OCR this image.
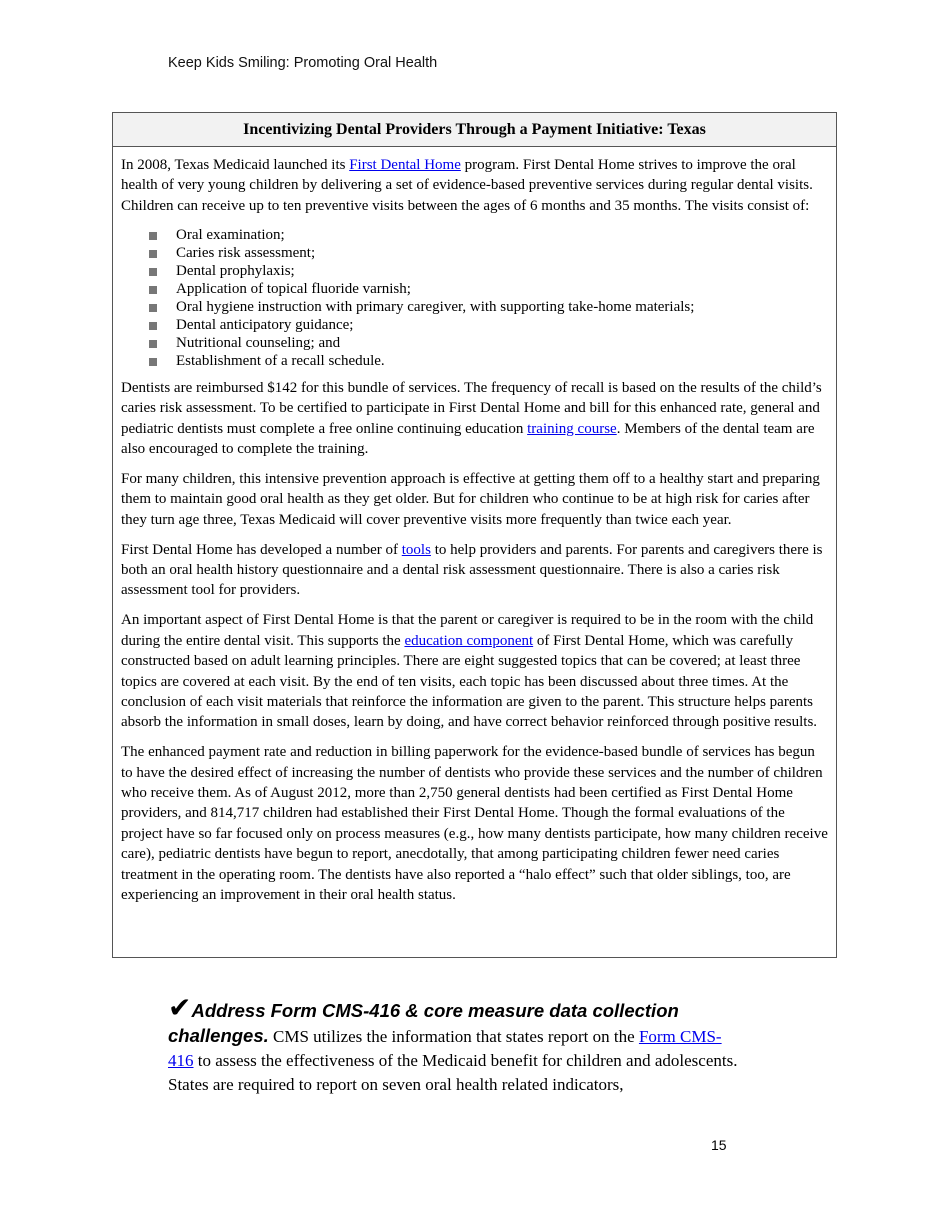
Keep Kids Smiling: Promoting Oral Health
Incentivizing Dental Providers Through a Payment Initiative: Texas

In 2008, Texas Medicaid launched its First Dental Home program. First Dental Home strives to improve the oral health of very young children by delivering a set of evidence-based preventive services during regular dental visits. Children can receive up to ten preventive visits between the ages of 6 months and 35 months. The visits consist of:

Oral examination;
Caries risk assessment;
Dental prophylaxis;
Application of topical fluoride varnish;
Oral hygiene instruction with primary caregiver, with supporting take-home materials;
Dental anticipatory guidance;
Nutritional counseling; and
Establishment of a recall schedule.

Dentists are reimbursed $142 for this bundle of services. The frequency of recall is based on the results of the child’s caries risk assessment. To be certified to participate in First Dental Home and bill for this enhanced rate, general and pediatric dentists must complete a free online continuing education training course. Members of the dental team are also encouraged to complete the training.

For many children, this intensive prevention approach is effective at getting them off to a healthy start and preparing them to maintain good oral health as they get older. But for children who continue to be at high risk for caries after they turn age three, Texas Medicaid will cover preventive visits more frequently than twice each year.

First Dental Home has developed a number of tools to help providers and parents. For parents and caregivers there is both an oral health history questionnaire and a dental risk assessment questionnaire. There is also a caries risk assessment tool for providers.

An important aspect of First Dental Home is that the parent or caregiver is required to be in the room with the child during the entire dental visit. This supports the education component of First Dental Home, which was carefully constructed based on adult learning principles. There are eight suggested topics that can be covered; at least three topics are covered at each visit. By the end of ten visits, each topic has been discussed about three times. At the conclusion of each visit materials that reinforce the information are given to the parent. This structure helps parents absorb the information in small doses, learn by doing, and have correct behavior reinforced through positive results.

The enhanced payment rate and reduction in billing paperwork for the evidence-based bundle of services has begun to have the desired effect of increasing the number of dentists who provide these services and the number of children who receive them. As of August 2012, more than 2,750 general dentists had been certified as First Dental Home providers, and 814,717 children had established their First Dental Home. Though the formal evaluations of the project have so far focused only on process measures (e.g., how many dentists participate, how many children receive care), pediatric dentists have begun to report, anecdotally, that among participating children fewer need caries treatment in the operating room. The dentists have also reported a “halo effect” such that older siblings, too, are experiencing an improvement in their oral health status.

✔Address Form CMS-416 & core measure data collection challenges. CMS utilizes the information that states report on the Form CMS-416 to assess the effectiveness of the Medicaid benefit for children and adolescents. States are required to report on seven oral health related indicators,
15
